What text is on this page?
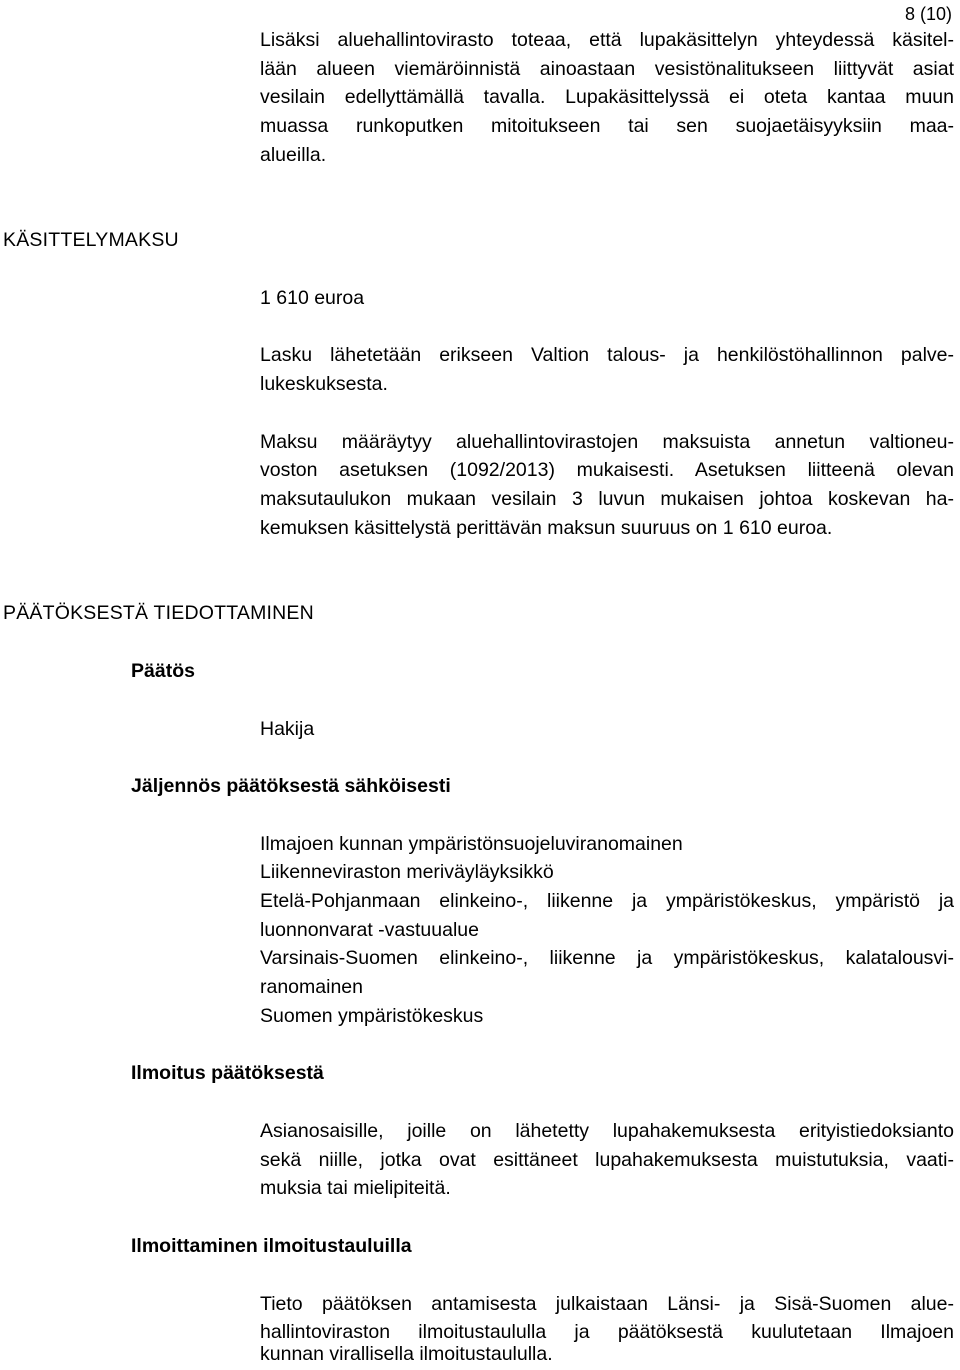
8 (10)
Lisäksi aluehallintovirasto toteaa, että lupakäsittelyn yhteydessä käsitel-
lään alueen viemäröinnistä ainoastaan vesistönalitukseen liittyvät asiat
vesilain edellyttämällä tavalla. Lupakäsittelyssä ei oteta kantaa muun
muassa runkoputken mitoitukseen tai sen suojaetäisyyksiin maa-
alueilla.
KÄSITTELYMAKSU
1 610 euroa
Lasku lähetetään erikseen Valtion talous- ja henkilöstöhallinnon palve-
lukeskuksesta.
Maksu määräytyy aluehallintovirastojen maksuista annetun valtioneu-
voston asetuksen (1092/2013) mukaisesti. Asetuksen liitteenä olevan
maksutaulukon mukaan vesilain 3 luvun mukaisen johtoa koskevan ha-
kemuksen käsittelystä perittävän maksun suuruus on 1 610 euroa.
PÄÄTÖKSESTÄ TIEDOTTAMINEN
Päätös
Hakija
Jäljennös päätöksestä sähköisesti
Ilmajoen kunnan ympäristönsuojeluviranomainen
Liikenneviraston meriväyläyksikkö
Etelä-Pohjanmaan elinkeino-, liikenne ja ympäristökeskus, ympäristö ja
luonnonvarat -vastuualue
Varsinais-Suomen elinkeino-, liikenne ja ympäristökeskus, kalatalousvi-
ranomainen
Suomen ympäristökeskus
Ilmoitus päätöksestä
Asianosaisille, joille on lähetetty lupahakemuksesta erityistiedoksianto
sekä niille, jotka ovat esittäneet lupahakemuksesta muistutuksia, vaati-
muksia tai mielipiteitä.
Ilmoittaminen ilmoitustauluilla
Tieto päätöksen antamisesta julkaistaan Länsi- ja Sisä-Suomen alue-
hallintoviraston ilmoitustaululla ja päätöksestä kuulutetaan Ilmajoen
kunnan virallisella ilmoitustaululla.
